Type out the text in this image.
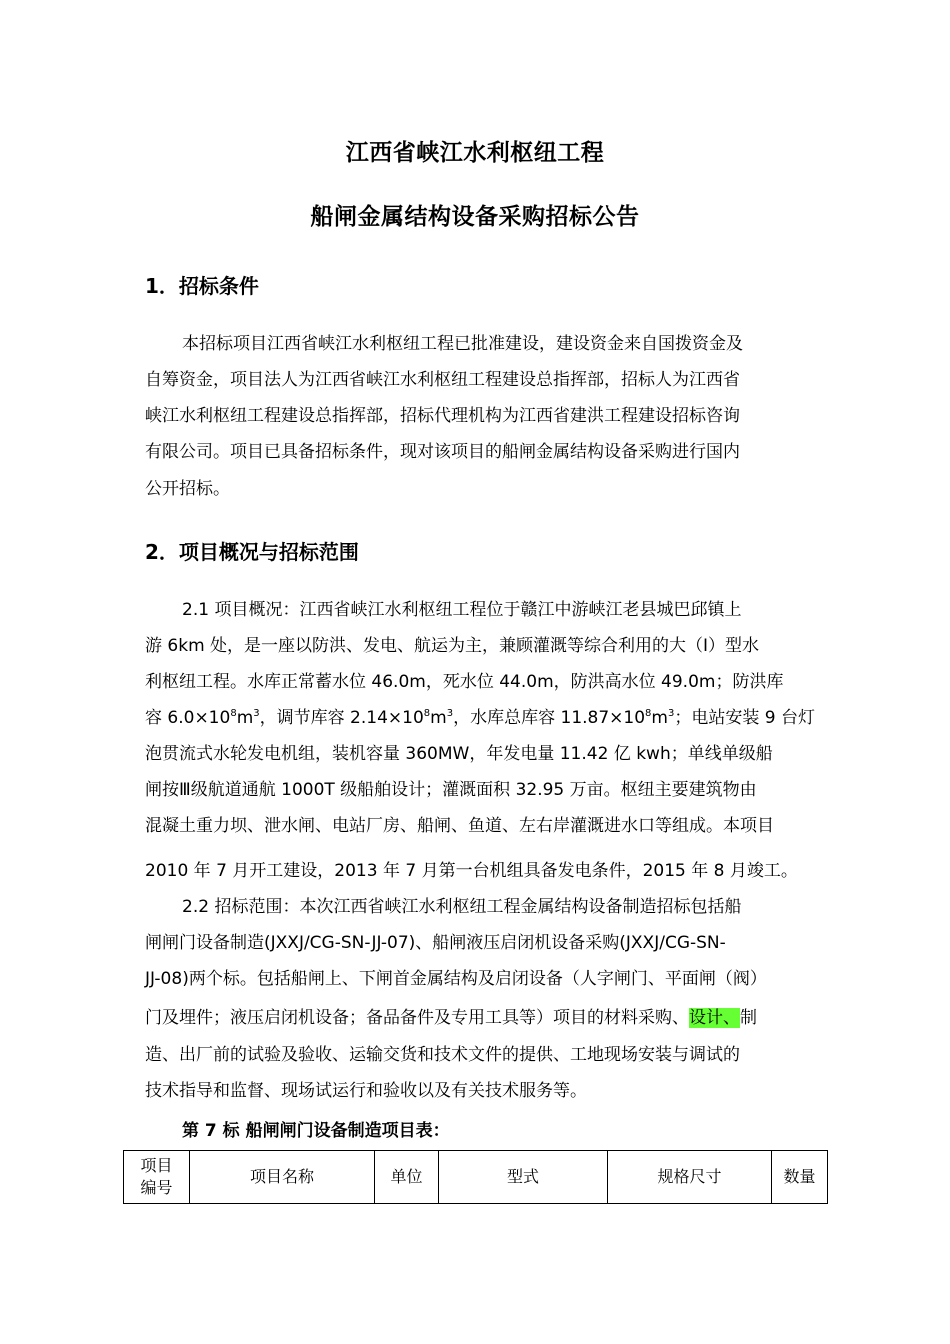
江西省峡江水利枢纽工程
船闸金属结构设备采购招标公告
1．招标条件
本招标项目江西省峡江水利枢纽工程已批准建设，建设资金来自国拨资金及
自筹资金，项目法人为江西省峡江水利枢纽工程建设总指挥部，招标人为江西省
峡江水利枢纽工程建设总指挥部，招标代理机构为江西省建洪工程建设招标咨询
有限公司。项目已具备招标条件，现对该项目的船闸金属结构设备采购进行国内
公开招标。
2．项目概况与招标范围
2.1 项目概况：江西省峡江水利枢纽工程位于赣江中游峡江老县城巴邱镇上
游 6km 处，是一座以防洪、发电、航运为主，兼顾灌溉等综合利用的大（Ⅰ）型水
利枢纽工程。水库正常蓄水位 46.0m，死水位 44.0m，防洪高水位 49.0m；防洪库
容 $6.0\times 10^8m^3$，调节库容 $2.14\times 10^8m^3$，水库总库容 $11.87\times 10^8m^3$；电站安装 9 台灯
泡贯流式水轮发电机组，装机容量 360MW，年发电量 11.42 亿 kwh；单线单级船
闸按Ⅲ级航道通航 1000T 级船舶设计；灌溉面积 32.95 万亩。枢纽主要建筑物由
混凝土重力坝、泄水闸、电站厂房、船闸、鱼道、左右岸灌溉进水口等组成。本项目
2010 年 7 月开工建设，2013 年 7 月第一台机组具备发电条件，2015 年 8 月竣工。
2.2 招标范围：本次江西省峡江水利枢纽工程金属结构设备制造招标包括船
闸闸门设备制造(JXXJ/CG-SN-JJ-07)、船闸液压启闭机设备采购(JXXJ/CG-SN-
JJ-08)两个标。包括船闸上、下闸首金属结构及启闭设备（人字闸门、平面闸（阀）
门及埋件；液压启闭机设备；备品备件及专用工具等）项目的材料采购、设计、制
造、出厂前的试验及验收、运输交货和技术文件的提供、工地现场安装与调试的
技术指导和监督、现场试运行和验收以及有关技术服务等。
第 7 标 船闸闸门设备制造项目表：
项目
编号	项目名称	单位	型式	规格尺寸	数量
